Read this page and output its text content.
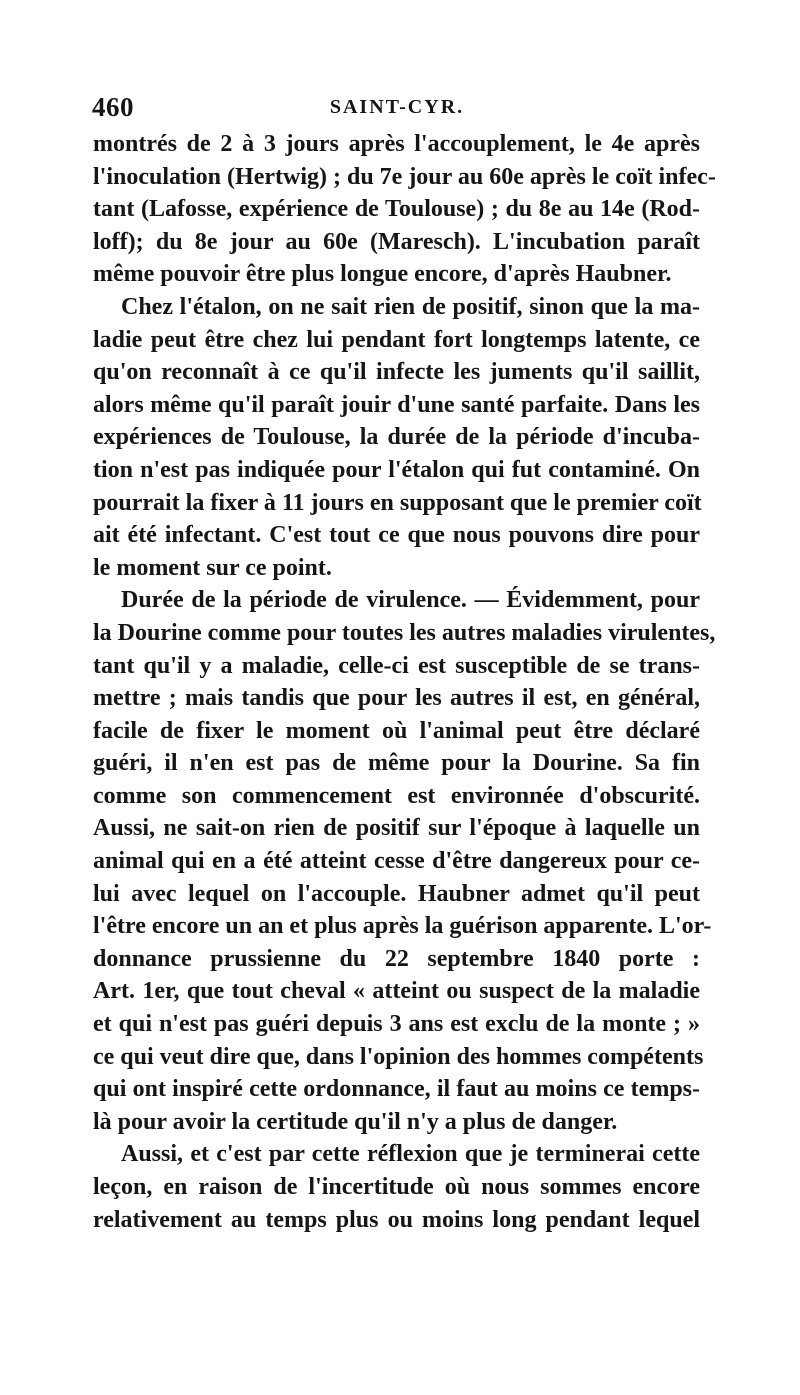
460	SAINT-CYR.
montrés de 2 à 3 jours après l'accouplement, le 4e après
l'inoculation (Hertwig) ; du 7e jour au 60e après le coït infec-
tant (Lafosse, expérience de Toulouse) ; du 8e au 14e (Rod-
loff); du 8e jour au 60e (Maresch). L'incubation paraît
même pouvoir être plus longue encore, d'après Haubner.
Chez l'étalon, on ne sait rien de positif, sinon que la ma-
ladie peut être chez lui pendant fort longtemps latente, ce
qu'on reconnaît à ce qu'il infecte les juments qu'il saillit,
alors même qu'il paraît jouir d'une santé parfaite. Dans les
expériences de Toulouse, la durée de la période d'incuba-
tion n'est pas indiquée pour l'étalon qui fut contaminé. On
pourrait la fixer à 11 jours en supposant que le premier coït
ait été infectant. C'est tout ce que nous pouvons dire pour
le moment sur ce point.
Durée de la période de virulence. — Évidemment, pour
la Dourine comme pour toutes les autres maladies virulentes,
tant qu'il y a maladie, celle-ci est susceptible de se trans-
mettre ; mais tandis que pour les autres il est, en général,
facile de fixer le moment où l'animal peut être déclaré
guéri, il n'en est pas de même pour la Dourine. Sa fin
comme son commencement est environnée d'obscurité.
Aussi, ne sait-on rien de positif sur l'époque à laquelle un
animal qui en a été atteint cesse d'être dangereux pour ce-
lui avec lequel on l'accouple. Haubner admet qu'il peut
l'être encore un an et plus après la guérison apparente. L'or-
donnance prussienne du 22 septembre 1840 porte :
Art. 1er, que tout cheval « atteint ou suspect de la maladie
et qui n'est pas guéri depuis 3 ans est exclu de la monte ; »
ce qui veut dire que, dans l'opinion des hommes compétents
qui ont inspiré cette ordonnance, il faut au moins ce temps-
là pour avoir la certitude qu'il n'y a plus de danger.
Aussi, et c'est par cette réflexion que je terminerai cette
leçon, en raison de l'incertitude où nous sommes encore
relativement au temps plus ou moins long pendant lequel
